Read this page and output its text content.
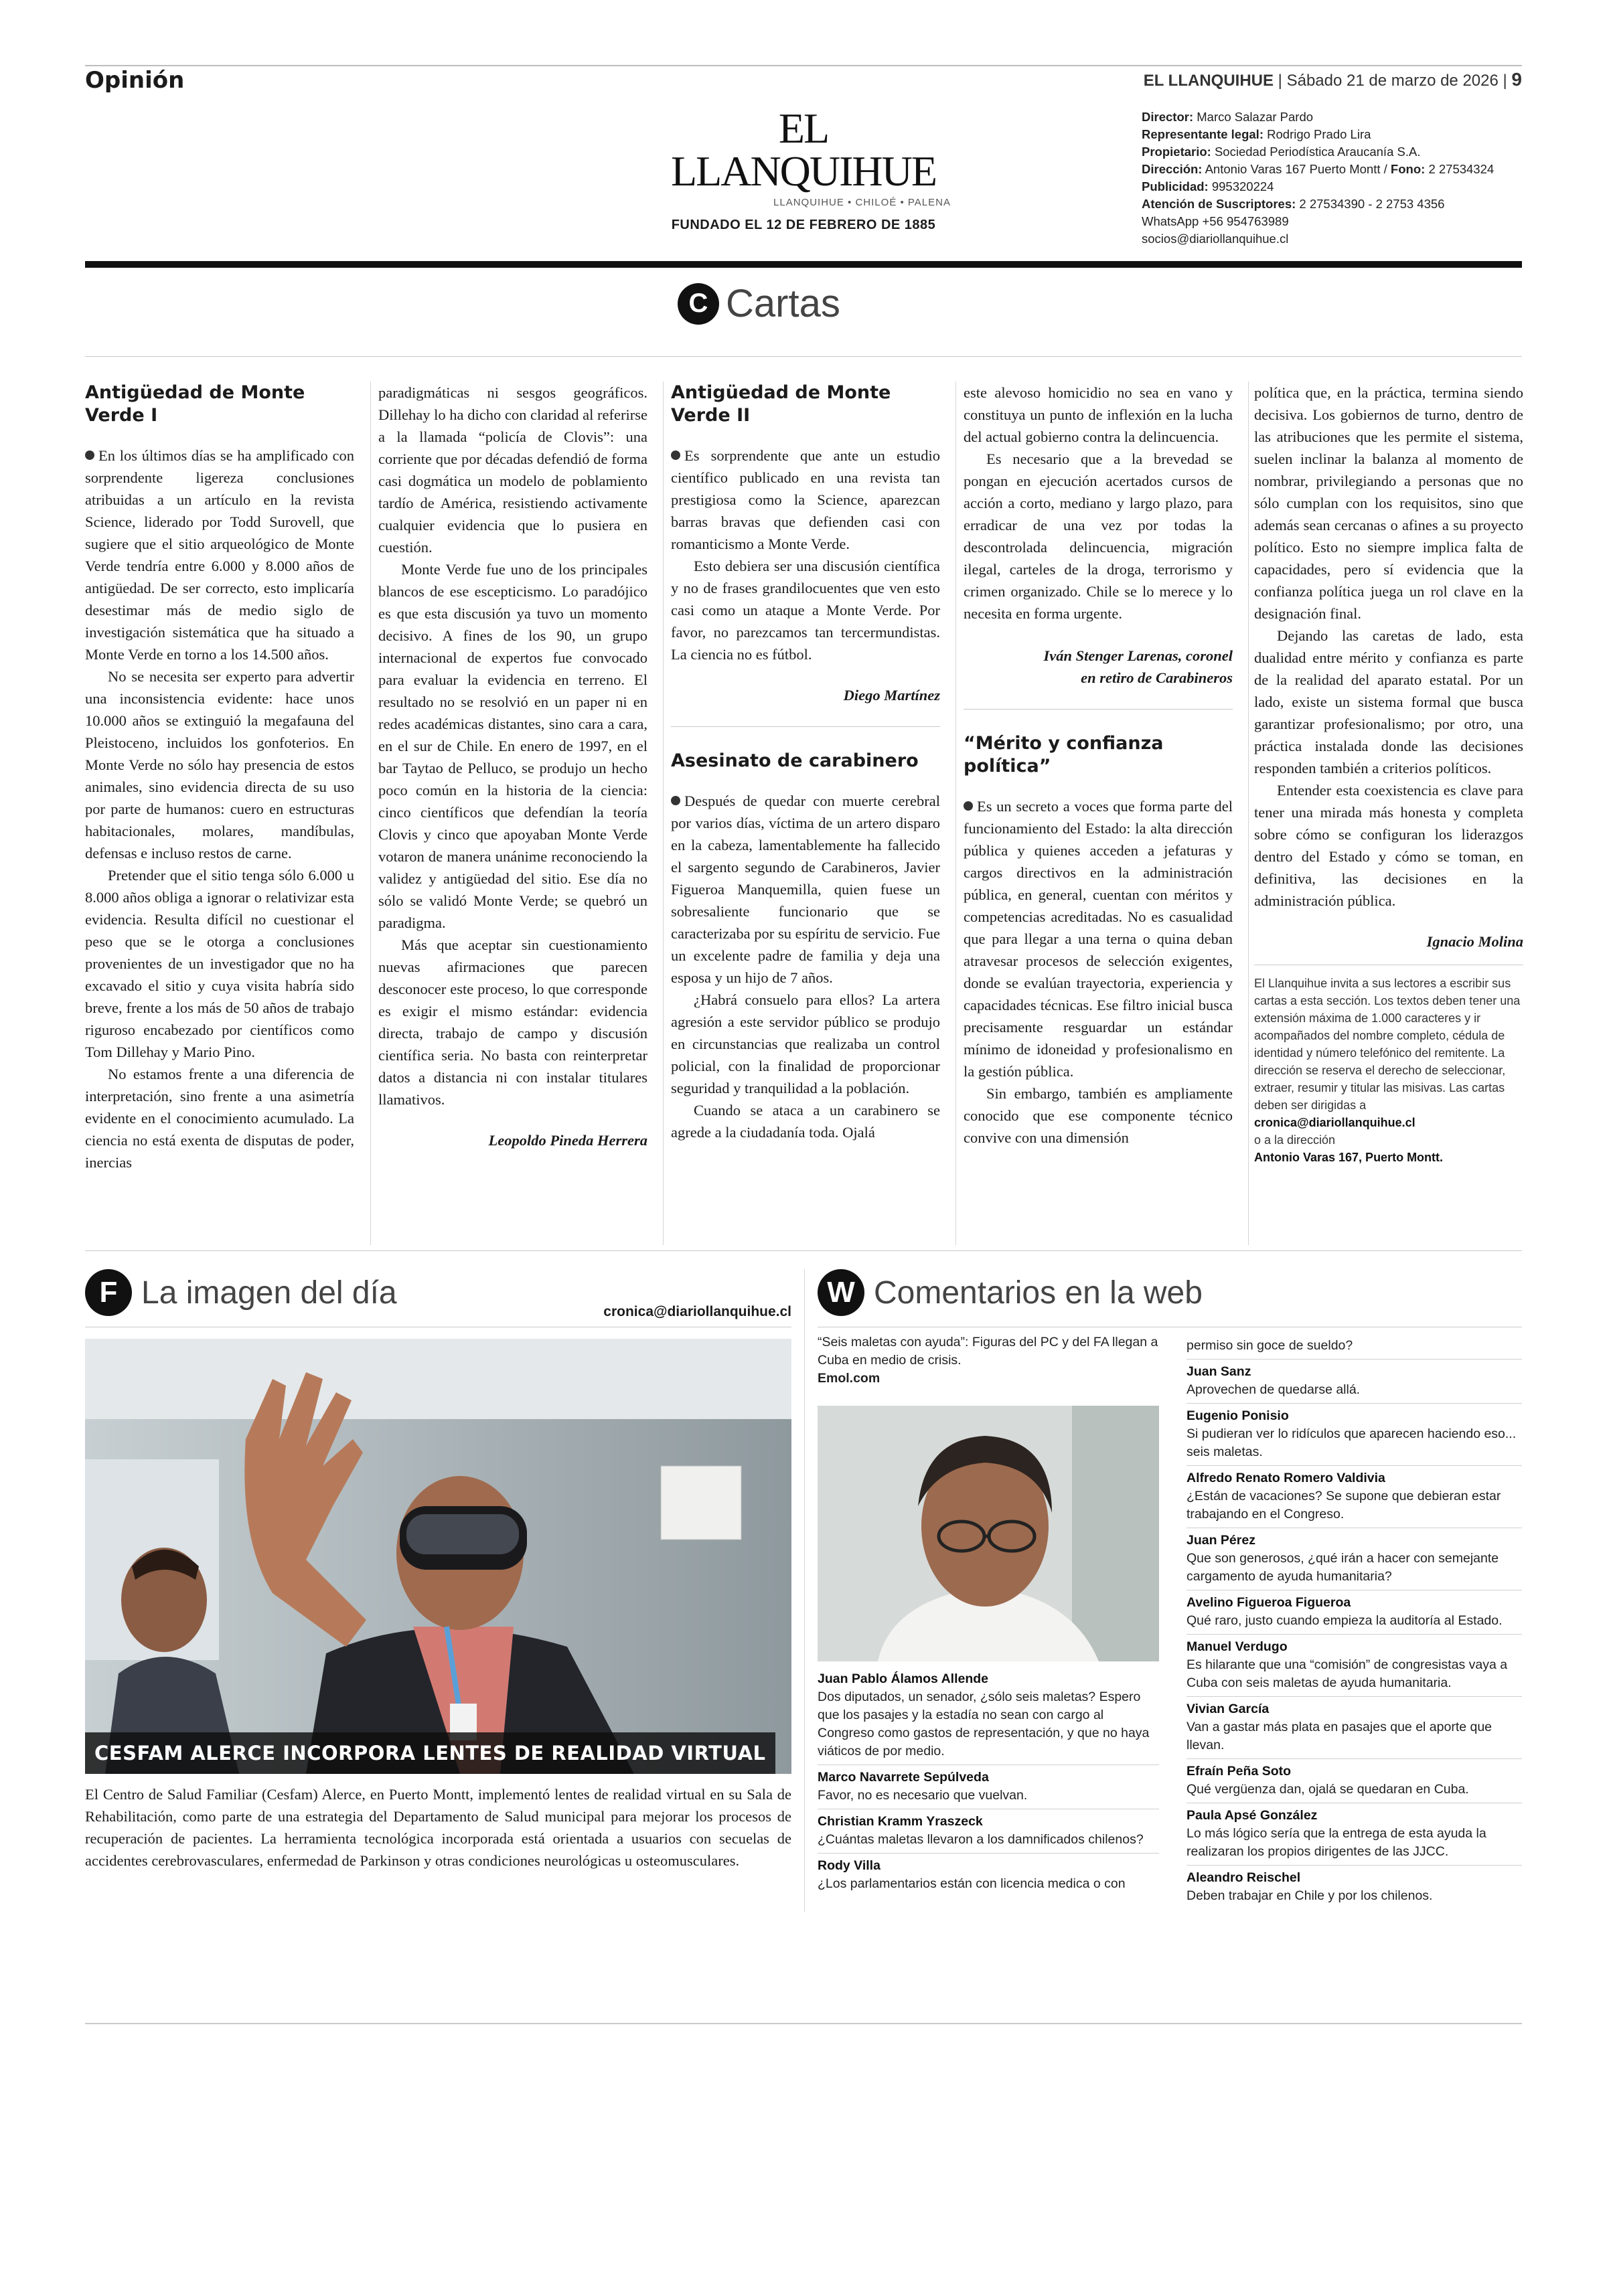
Opinión	EL LLANQUIHUE | Sábado 21 de marzo de 2026 | 9
EL LLANQUIHUE
LLANQUIHUE • CHILOÉ • PALENA
FUNDADO EL 12 DE FEBRERO DE 1885
Director: Marco Salazar Pardo
Representante legal: Rodrigo Prado Lira
Propietario: Sociedad Periodística Araucanía S.A.
Dirección: Antonio Varas 167 Puerto Montt / Fono: 2 27534324
Publicidad: 995320224
Atención de Suscriptores: 2 27534390 - 2 2753 4356
WhatsApp +56 954763989
socios@diariollanquihue.cl
C Cartas
Antigüedad de Monte Verde I

En los últimos días se ha amplificado con sorprendente ligereza conclusiones atribuidas a un artículo en la revista Science, liderado por Todd Surovell, que sugiere que el sitio arqueológico de Monte Verde tendría entre 6.000 y 8.000 años de antigüedad. De ser correcto, esto implicaría desestimar más de medio siglo de investigación sistemática que ha situado a Monte Verde en torno a los 14.500 años.

No se necesita ser experto para advertir una inconsistencia evidente: hace unos 10.000 años se extinguió la megafauna del Pleistoceno, incluidos los gonfoterios. En Monte Verde no sólo hay presencia de estos animales, sino evidencia directa de su uso por parte de humanos: cuero en estructuras habitacionales, molares, mandíbulas, defensas e incluso restos de carne.

Pretender que el sitio tenga sólo 6.000 u 8.000 años obliga a ignorar o relativizar esta evidencia. Resulta difícil no cuestionar el peso que se le otorga a conclusiones provenientes de un investigador que no ha excavado el sitio y cuya visita habría sido breve, frente a los más de 50 años de trabajo riguroso encabezado por científicos como Tom Dillehay y Mario Pino.

No estamos frente a una diferencia de interpretación, sino frente a una asimetría evidente en el conocimiento acumulado. La ciencia no está exenta de disputas de poder, inercias

paradigmáticas ni sesgos geográficos. Dillehay lo ha dicho con claridad al referirse a la llamada “policía de Clovis”: una corriente que por décadas defendió de forma casi dogmática un modelo de poblamiento tardío de América, resistiendo activamente cualquier evidencia que lo pusiera en cuestión.

Monte Verde fue uno de los principales blancos de ese escepticismo. Lo paradójico es que esta discusión ya tuvo un momento decisivo. A fines de los 90, un grupo internacional de expertos fue convocado para evaluar la evidencia en terreno. El resultado no se resolvió en un paper ni en redes académicas distantes, sino cara a cara, en el sur de Chile. En enero de 1997, en el bar Taytao de Pelluco, se produjo un hecho poco común en la historia de la ciencia: cinco científicos que defendían la teoría Clovis y cinco que apoyaban Monte Verde votaron de manera unánime reconociendo la validez y antigüedad del sitio. Ese día no sólo se validó Monte Verde; se quebró un paradigma.

Más que aceptar sin cuestionamiento nuevas afirmaciones que parecen desconocer este proceso, lo que corresponde es exigir el mismo estándar: evidencia directa, trabajo de campo y discusión científica seria. No basta con reinterpretar datos a distancia ni con instalar titulares llamativos.

Leopoldo Pineda Herrera
Antigüedad de Monte Verde II

Es sorprendente que ante un estudio científico publicado en una revista tan prestigiosa como la Science, aparezcan barras bravas que defienden casi con romanticismo a Monte Verde.

Esto debiera ser una discusión científica y no de frases grandilocuentes que ven esto casi como un ataque a Monte Verde. Por favor, no parezcamos tan tercermundistas. La ciencia no es fútbol.

Diego Martínez
Asesinato de carabinero

Después de quedar con muerte cerebral por varios días, víctima de un artero disparo en la cabeza, lamentablemente ha fallecido el sargento segundo de Carabineros, Javier Figueroa Manquemilla, quien fuese un sobresaliente funcionario que se caracterizaba por su espíritu de servicio. Fue un excelente padre de familia y deja una esposa y un hijo de 7 años.

¿Habrá consuelo para ellos? La artera agresión a este servidor público se produjo en circunstancias que realizaba un control policial, con la finalidad de proporcionar seguridad y tranquilidad a la población.

Cuando se ataca a un carabinero se agrede a la ciudadanía toda. Ojalá

este alevoso homicidio no sea en vano y constituya un punto de inflexión en la lucha del actual gobierno contra la delincuencia.

Es necesario que a la brevedad se pongan en ejecución acertados cursos de acción a corto, mediano y largo plazo, para erradicar de una vez por todas la descontrolada delincuencia, migración ilegal, carteles de la droga, terrorismo y crimen organizado. Chile se lo merece y lo necesita en forma urgente.

Iván Stenger Larenas, coronel
en retiro de Carabineros
“Mérito y confianza política”

Es un secreto a voces que forma parte del funcionamiento del Estado: la alta dirección pública y quienes acceden a jefaturas y cargos directivos en la administración pública, en general, cuentan con méritos y competencias acreditadas. No es casualidad que para llegar a una terna o quina deban atravesar procesos de selección exigentes, donde se evalúan trayectoria, experiencia y capacidades técnicas. Ese filtro inicial busca precisamente resguardar un estándar mínimo de idoneidad y profesionalismo en la gestión pública.

Sin embargo, también es ampliamente conocido que ese componente técnico convive con una dimensión

política que, en la práctica, termina siendo decisiva. Los gobiernos de turno, dentro de las atribuciones que les permite el sistema, suelen inclinar la balanza al momento de nombrar, privilegiando a personas que no sólo cumplan con los requisitos, sino que además sean cercanas o afines a su proyecto político. Esto no siempre implica falta de capacidades, pero sí evidencia que la confianza política juega un rol clave en la designación final.

Dejando las caretas de lado, esta dualidad entre mérito y confianza es parte de la realidad del aparato estatal. Por un lado, existe un sistema formal que busca garantizar profesionalismo; por otro, una práctica instalada donde las decisiones responden también a criterios políticos.

Entender esta coexistencia es clave para tener una mirada más honesta y completa sobre cómo se configuran los liderazgos dentro del Estado y cómo se toman, en definitiva, las decisiones en la administración pública.

Ignacio Molina
El Llanquihue invita a sus lectores a escribir sus cartas a esta sección. Los textos deben tener una extensión máxima de 1.000 caracteres y ir acompañados del nombre completo, cédula de identidad y número telefónico del remitente. La dirección se reserva el derecho de seleccionar, extraer, resumir y titular las misivas. Las cartas deben ser dirigidas a
cronica@diariollanquihue.cl
o a la dirección
Antonio Varas 167, Puerto Montt.
F La imagen del día
cronica@diariollanquihue.cl
CESFAM ALERCE INCORPORA LENTES DE REALIDAD VIRTUAL
El Centro de Salud Familiar (Cesfam) Alerce, en Puerto Montt, implementó lentes de realidad virtual en su Sala de Rehabilitación, como parte de una estrategia del Departamento de Salud municipal para mejorar los procesos de recuperación de pacientes. La herramienta tecnológica incorporada está orientada a usuarios con secuelas de accidentes cerebrovasculares, enfermedad de Parkinson y otras condiciones neurológicas u osteomusculares.
W Comentarios en la web
“Seis maletas con ayuda”: Figuras del PC y del FA llegan a Cuba en medio de crisis.
Emol.com
Juan Pablo Álamos Allende
Dos diputados, un senador, ¿sólo seis maletas? Espero que los pasajes y la estadía no sean con cargo al Congreso como gastos de representación, y que no haya viáticos de por medio.
Marco Navarrete Sepúlveda
Favor, no es necesario que vuelvan.
Christian Kramm Yraszeck
¿Cuántas maletas llevaron a los damnificados chilenos?
Rody Villa
¿Los parlamentarios están con licencia medica o con
permiso sin goce de sueldo?
Juan Sanz
Aprovechen de quedarse allá.
Eugenio Ponisio
Si pudieran ver lo ridículos que aparecen haciendo eso... seis maletas.
Alfredo Renato Romero Valdivia
¿Están de vacaciones? Se supone que debieran estar trabajando en el Congreso.
Juan Pérez
Que son generosos, ¿qué irán a hacer con semejante cargamento de ayuda humanitaria?
Avelino Figueroa Figueroa
Qué raro, justo cuando empieza la auditoría al Estado.
Manuel Verdugo
Es hilarante que una “comisión” de congresistas vaya a Cuba con seis maletas de ayuda humanitaria.
Vivian García
Van a gastar más plata en pasajes que el aporte que llevan.
Efraín Peña Soto
Qué vergüenza dan, ojalá se quedaran en Cuba.
Paula Apsé González
Lo más lógico sería que la entrega de esta ayuda la realizaran los propios dirigentes de las JJCC.
Aleandro Reischel
Deben trabajar en Chile y por los chilenos.
